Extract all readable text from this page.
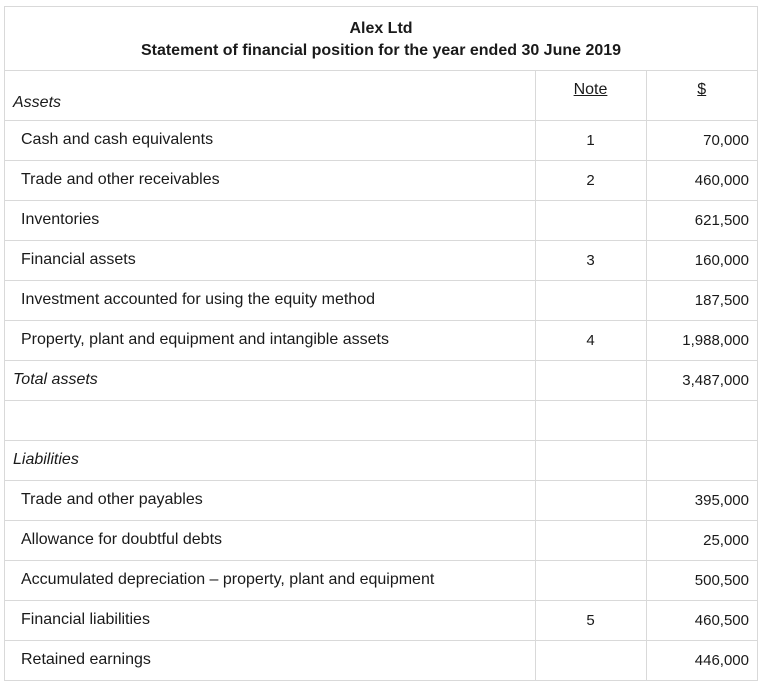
Alex Ltd
Statement of financial position for the year ended 30 June 2019
Assets	Note	$
Cash and cash equivalents	1	70,000
Trade and other receivables	2	460,000
Inventories		621,500
Financial assets	3	160,000
Investment accounted for using the equity method		187,500
Property, plant and equipment and intangible assets	4	1,988,000
Total assets		3,487,000

Liabilities		
Trade and other payables		395,000
Allowance for doubtful debts		25,000
Accumulated depreciation – property, plant and equipment		500,500
Financial liabilities	5	460,500
Retained earnings		446,000
